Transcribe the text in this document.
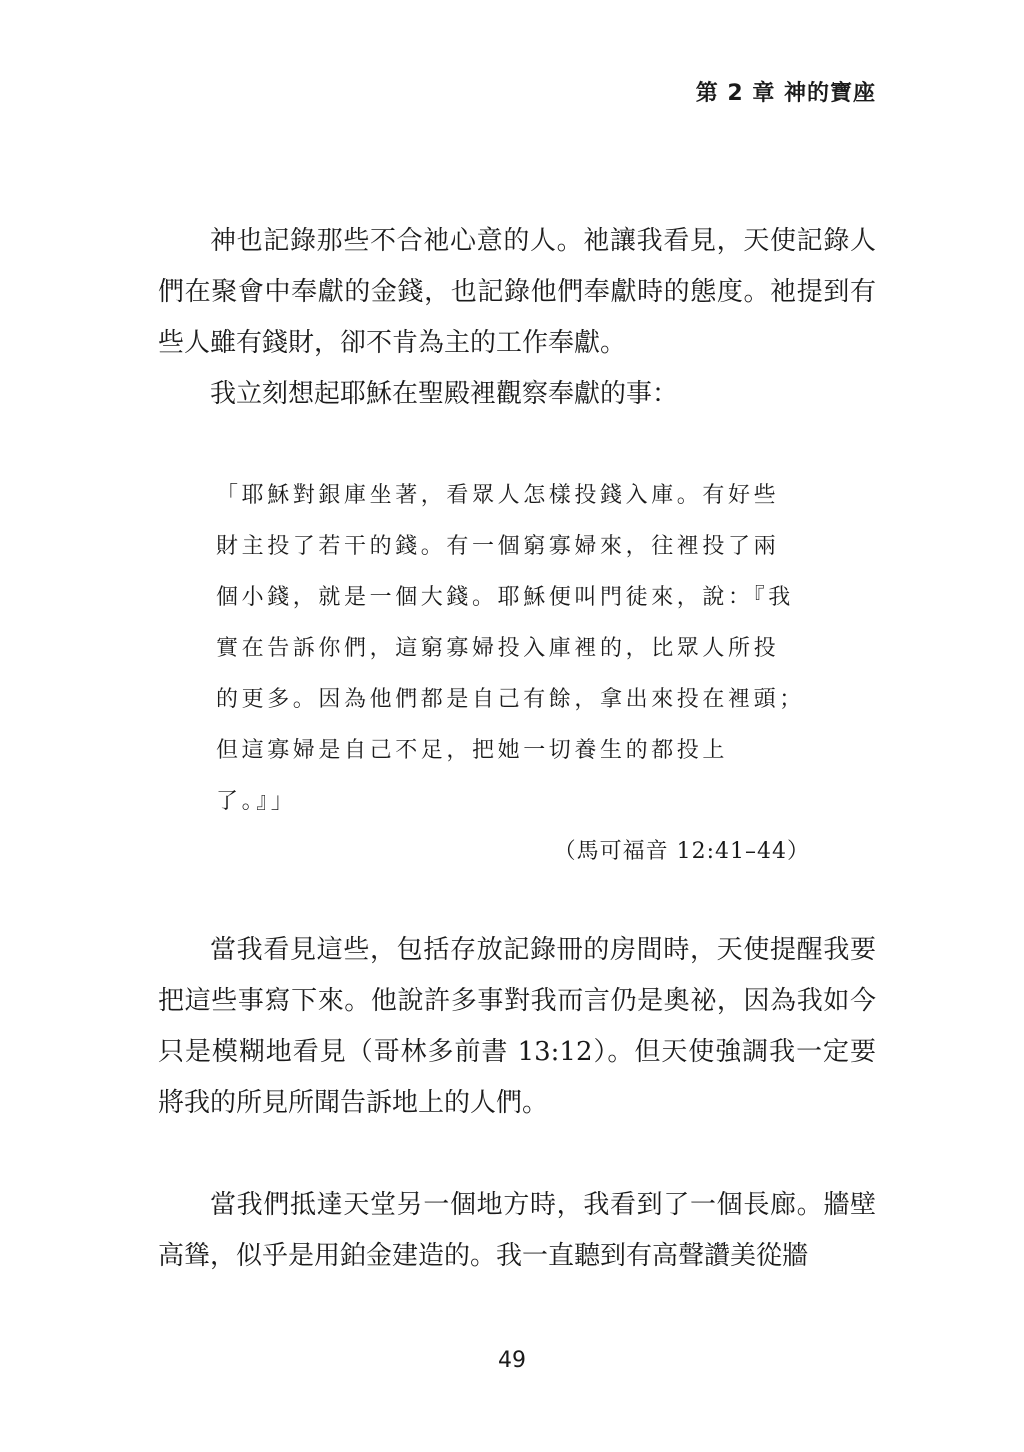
第 2 章 神的寶座

神也記錄那些不合祂心意的人。祂讓我看見，天使記錄人們在聚會中奉獻的金錢，也記錄他們奉獻時的態度。祂提到有些人雖有錢財，卻不肯為主的工作奉獻。

我立刻想起耶穌在聖殿裡觀察奉獻的事：

「耶穌對銀庫坐著，看眾人怎樣投錢入庫。有好些
財主投了若干的錢。有一個窮寡婦來，往裡投了兩
個小錢，就是一個大錢。耶穌便叫門徒來，說：『我
實在告訴你們，這窮寡婦投入庫裡的，比眾人所投
的更多。因為他們都是自己有餘，拿出來投在裡頭；
但這寡婦是自己不足，把她一切養生的都投上
了。』」
（馬可福音 12:41–44）

當我看見這些，包括存放記錄冊的房間時，天使提醒我要把這些事寫下來。他說許多事對我而言仍是奧祕，因為我如今只是模糊地看見（哥林多前書 13:12）。但天使強調我一定要將我的所見所聞告訴地上的人們。

當我們抵達天堂另一個地方時，我看到了一個長廊。牆壁高聳，似乎是用鉑金建造的。我一直聽到有高聲讚美從牆

49
